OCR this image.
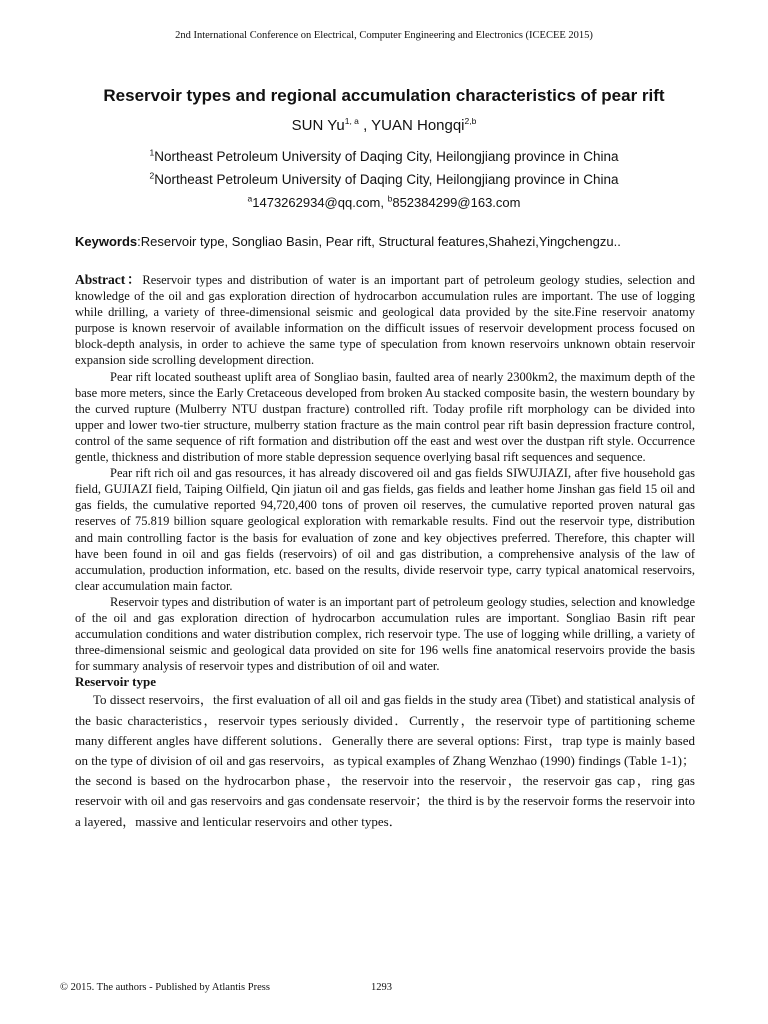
2nd International Conference on Electrical, Computer Engineering and Electronics (ICECEE 2015)
Reservoir types and regional accumulation characteristics of pear rift
SUN Yu$^{1, a}$ , YUAN Hongqi$^{2,b}$
$^1$Northeast Petroleum University of Daqing City, Heilongjiang province in China
$^2$Northeast Petroleum University of Daqing City, Heilongjiang province in China
$^a$1473262934@qq.com, $^b$852384299@163.com
Keywords:Reservoir type, Songliao Basin, Pear rift, Structural features,Shahezi,Yingchengzu..

Abstract：Reservoir types and distribution of water is an important part of petroleum geology studies, selection and knowledge of the oil and gas exploration direction of hydrocarbon accumulation rules are important. The use of logging while drilling, a variety of three-dimensional seismic and geological data provided by the site.Fine reservoir anatomy purpose is known reservoir of available information on the difficult issues of reservoir development process focused on block-depth analysis, in order to achieve the same type of speculation from known reservoirs unknown obtain reservoir expansion side scrolling development direction.

Pear rift located southeast uplift area of Songliao basin, faulted area of nearly 2300km2, the maximum depth of the base more meters, since the Early Cretaceous developed from broken Au stacked composite basin, the western boundary by the curved rupture (Mulberry NTU dustpan fracture) controlled rift. Today profile rift morphology can be divided into upper and lower two-tier structure, mulberry station fracture as the main control pear rift basin depression fracture control, control of the same sequence of rift formation and distribution off the east and west over the dustpan rift style. Occurrence gentle, thickness and distribution of more stable depression sequence overlying basal rift sequences and sequence.

Pear rift rich oil and gas resources, it has already discovered oil and gas fields SIWUJIAZI, after five household gas field, GUJIAZI field, Taiping Oilfield, Qin jiatun oil and gas fields, gas fields and leather home Jinshan gas field 15 oil and gas fields, the cumulative reported 94,720,400 tons of proven oil reserves, the cumulative reported proven natural gas reserves of 75.819 billion square geological exploration with remarkable results. Find out the reservoir type, distribution and main controlling factor is the basis for evaluation of zone and key objectives preferred. Therefore, this chapter will have been found in oil and gas fields (reservoirs) of oil and gas distribution, a comprehensive analysis of the law of accumulation, production information, etc. based on the results, divide reservoir type, carry typical anatomical reservoirs, clear accumulation main factor.

Reservoir types and distribution of water is an important part of petroleum geology studies, selection and knowledge of the oil and gas exploration direction of hydrocarbon accumulation rules are important. Songliao Basin rift pear accumulation conditions and water distribution complex, rich reservoir type. The use of logging while drilling, a variety of three-dimensional seismic and geological data provided on site for 196 wells fine anatomical reservoirs provide the basis for summary analysis of reservoir types and distribution of oil and water.

Reservoir type

To dissect reservoirs，the first evaluation of all oil and gas fields in the study area (Tibet) and statistical analysis of the basic characteristics，reservoir types seriously divided．Currently，the reservoir type of partitioning scheme many different angles have different solutions．Generally there are several options: First，trap type is mainly based on the type of division of oil and gas reservoirs，as typical examples of Zhang Wenzhao (1990) findings (Table 1-1)；the second is based on the hydrocarbon phase，the reservoir into the reservoir，the reservoir gas cap，ring gas reservoir with oil and gas reservoirs and gas condensate reservoir；the third is by the reservoir forms the reservoir into a layered，massive and lenticular reservoirs and other types．

© 2015. The authors - Published by Atlantis Press	1293
